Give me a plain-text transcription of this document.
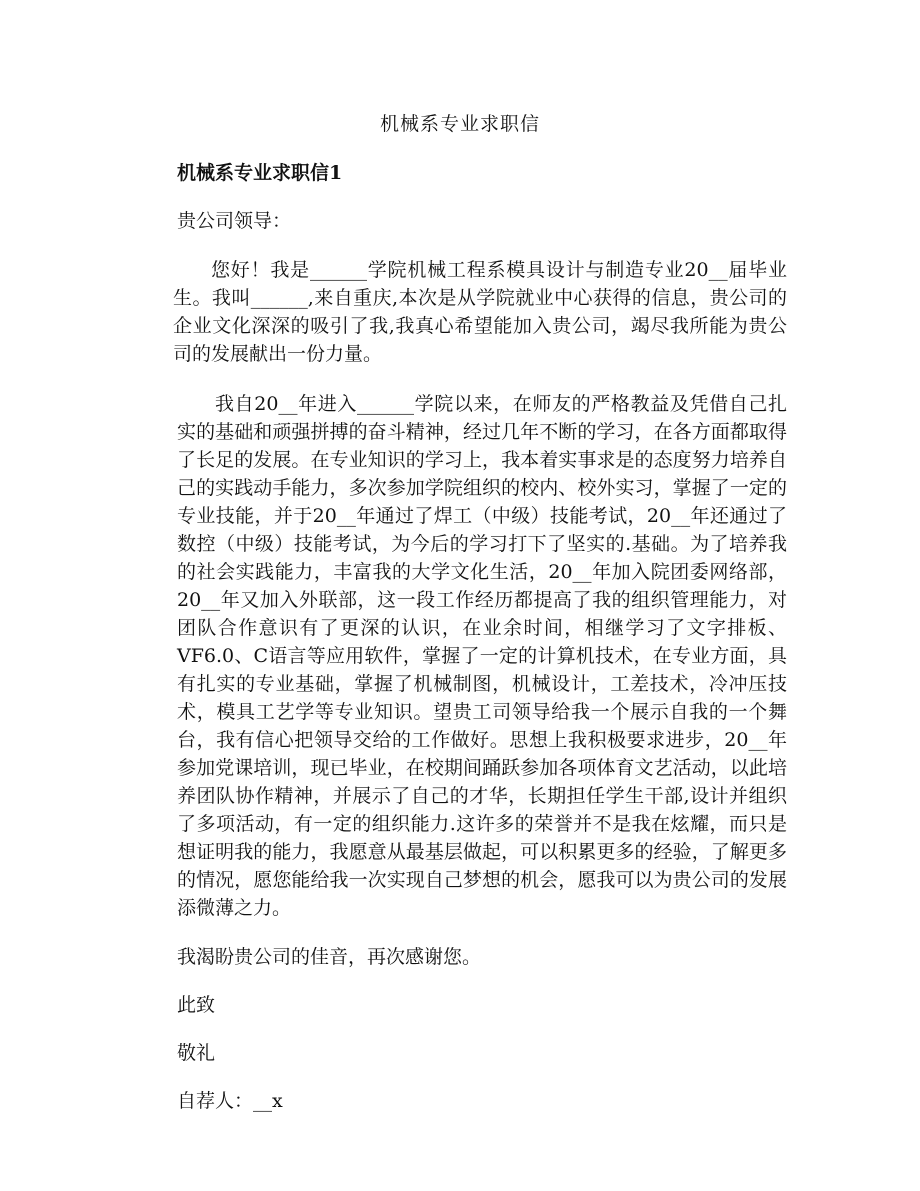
机械系专业求职信
机械系专业求职信1
贵公司领导：
您好！我是______学院机械工程系模具设计与制造专业20__届毕业生。我叫______,来自重庆,本次是从学院就业中心获得的信息，贵公司的企业文化深深的吸引了我,我真心希望能加入贵公司，竭尽我所能为贵公司的发展献出一份力量。
我自20__年进入______学院以来，在师友的严格教益及凭借自己扎实的基础和顽强拼搏的奋斗精神，经过几年不断的学习，在各方面都取得了长足的发展。在专业知识的学习上，我本着实事求是的态度努力培养自己的实践动手能力，多次参加学院组织的校内、校外实习，掌握了一定的专业技能，并于20__年通过了焊工（中级）技能考试，20__年还通过了数控（中级）技能考试，为今后的学习打下了坚实的.基础。为了培养我的社会实践能力，丰富我的大学文化生活，20__年加入院团委网络部，20__年又加入外联部，这一段工作经历都提高了我的组织管理能力，对团队合作意识有了更深的认识，在业余时间，相继学习了文字排板、VF6.0、C语言等应用软件，掌握了一定的计算机技术，在专业方面，具有扎实的专业基础，掌握了机械制图，机械设计，工差技术，冷冲压技术，模具工艺学等专业知识。望贵工司领导给我一个展示自我的一个舞台，我有信心把领导交给的工作做好。思想上我积极要求进步，20__年参加党课培训，现已毕业，在校期间踊跃参加各项体育文艺活动，以此培养团队协作精神，并展示了自己的才华，长期担任学生干部,设计并组织了多项活动，有一定的组织能力.这许多的荣誉并不是我在炫耀，而只是想证明我的能力，我愿意从最基层做起，可以积累更多的经验，了解更多的情况，愿您能给我一次实现自己梦想的机会，愿我可以为贵公司的发展添微薄之力。
我渴盼贵公司的佳音，再次感谢您。
此致
敬礼
自荐人：__x
